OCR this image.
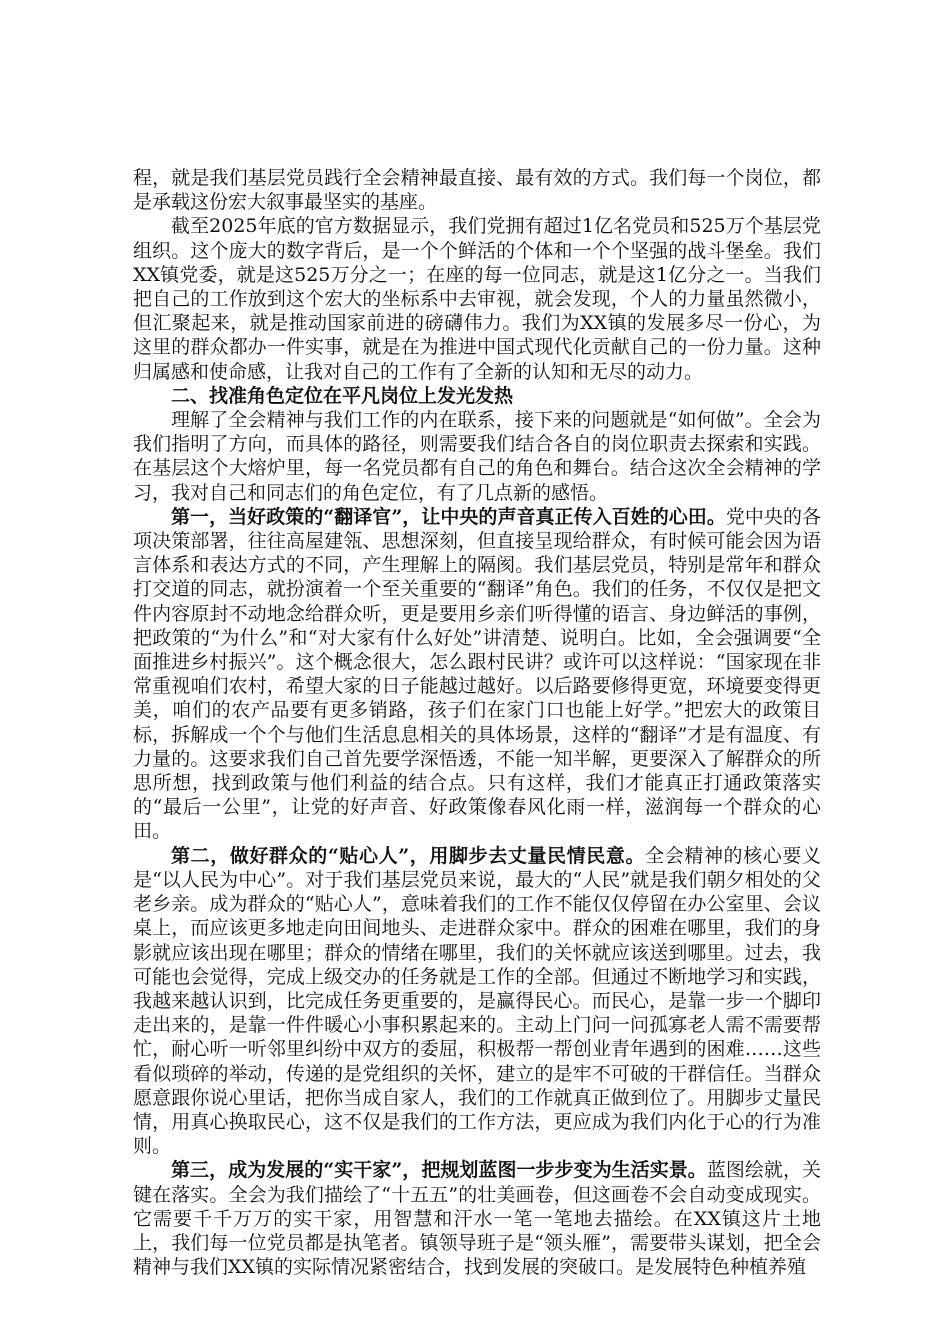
程，就是我们基层党员践行全会精神最直接、最有效的方式。我们每一个岗位，都是承载这份宏大叙事最坚实的基座。

截至2025年底的官方数据显示，我们党拥有超过1亿名党员和525万个基层党组织。这个庞大的数字背后，是一个个鲜活的个体和一个个坚强的战斗堡垒。我们XX镇党委，就是这525万分之一；在座的每一位同志，就是这1亿分之一。当我们把自己的工作放到这个宏大的坐标系中去审视，就会发现，个人的力量虽然微小，但汇聚起来，就是推动国家前进的磅礴伟力。我们为XX镇的发展多尽一份心，为这里的群众都办一件实事，就是在为推进中国式现代化贡献自己的一份力量。这种归属感和使命感，让我对自己的工作有了全新的认知和无尽的动力。

二、找准角色定位在平凡岗位上发光发热

理解了全会精神与我们工作的内在联系，接下来的问题就是“如何做”。全会为我们指明了方向，而具体的路径，则需要我们结合各自的岗位职责去探索和实践。在基层这个大熔炉里，每一名党员都有自己的角色和舞台。结合这次全会精神的学习，我对自己和同志们的角色定位，有了几点新的感悟。

第一，当好政策的“翻译官”，让中央的声音真正传入百姓的心田。党中央的各项决策部署，往往高屋建瓴、思想深刻，但直接呈现给群众，有时候可能会因为语言体系和表达方式的不同，产生理解上的隔阂。我们基层党员，特别是常年和群众打交道的同志，就扮演着一个至关重要的“翻译”角色。我们的任务，不仅仅是把文件内容原封不动地念给群众听，更是要用乡亲们听得懂的语言、身边鲜活的事例，把政策的“为什么”和“对大家有什么好处”讲清楚、说明白。比如，全会强调要“全面推进乡村振兴”。这个概念很大，怎么跟村民讲？或许可以这样说：“国家现在非常重视咱们农村，希望大家的日子能越过越好。以后路要修得更宽，环境要变得更美，咱们的农产品要有更多销路，孩子们在家门口也能上好学。”把宏大的政策目标，拆解成一个个与他们生活息息相关的具体场景，这样的“翻译”才是有温度、有力量的。这要求我们自己首先要学深悟透，不能一知半解，更要深入了解群众的所思所想，找到政策与他们利益的结合点。只有这样，我们才能真正打通政策落实的“最后一公里”，让党的好声音、好政策像春风化雨一样，滋润每一个群众的心田。

第二，做好群众的“贴心人”，用脚步去丈量民情民意。全会精神的核心要义是“以人民为中心”。对于我们基层党员来说，最大的“人民”就是我们朝夕相处的父老乡亲。成为群众的“贴心人”，意味着我们的工作不能仅仅停留在办公室里、会议桌上，而应该更多地走向田间地头、走进群众家中。群众的困难在哪里，我们的身影就应该出现在哪里；群众的情绪在哪里，我们的关怀就应该送到哪里。过去，我可能也会觉得，完成上级交办的任务就是工作的全部。但通过不断地学习和实践，我越来越认识到，比完成任务更重要的，是赢得民心。而民心，是靠一步一个脚印走出来的，是靠一件件暖心小事积累起来的。主动上门问一问孤寡老人需不需要帮忙，耐心听一听邻里纠纷中双方的委屈，积极帮一帮创业青年遇到的困难……这些看似琐碎的举动，传递的是党组织的关怀，建立的是牢不可破的干群信任。当群众愿意跟你说心里话，把你当成自家人，我们的工作就真正做到位了。用脚步丈量民情，用真心换取民心，这不仅是我们的工作方法，更应成为我们内化于心的行为准则。

第三，成为发展的“实干家”，把规划蓝图一步步变为生活实景。蓝图绘就，关键在落实。全会为我们描绘了“十五五”的壮美画卷，但这画卷不会自动变成现实。它需要千千万万的实干家，用智慧和汗水一笔一笔地去描绘。在XX镇这片土地上，我们每一位党员都是执笔者。镇领导班子是“领头雁”，需要带头谋划，把全会精神与我们XX镇的实际情况紧密结合，找到发展的突破口。是发展特色种植养殖
